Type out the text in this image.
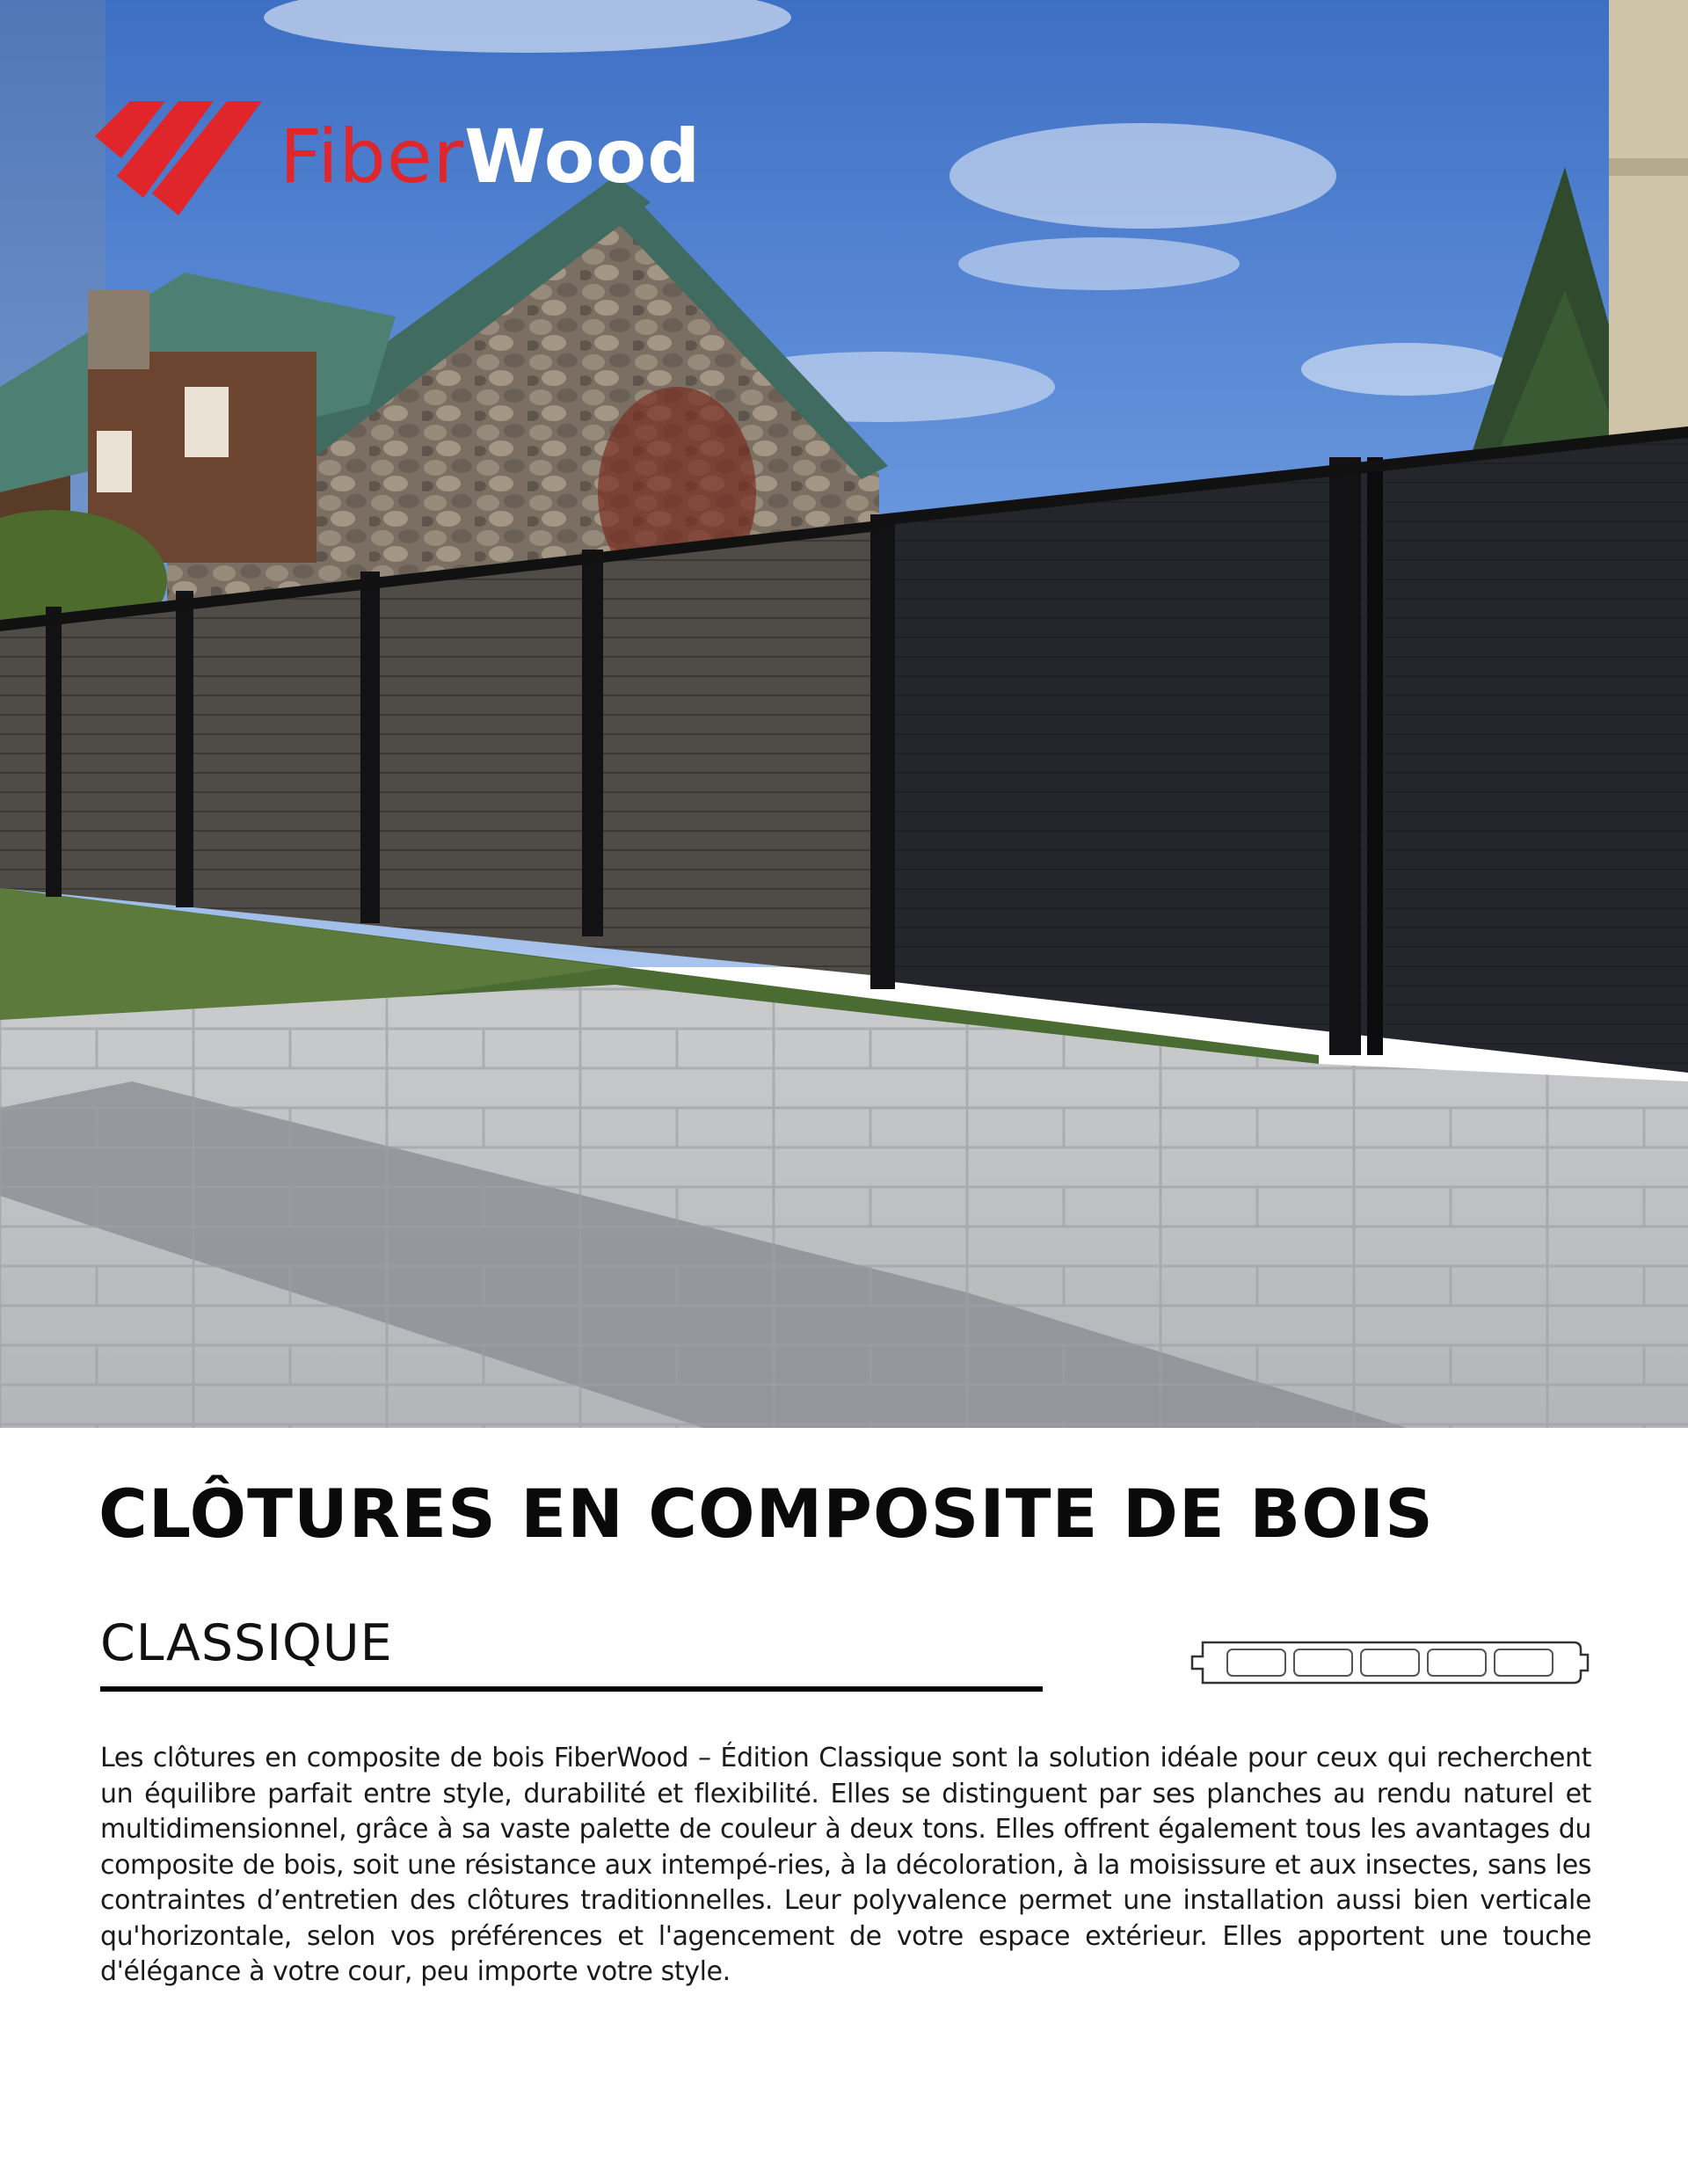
FiberWood
CLÔTURES EN COMPOSITE DE BOIS
CLASSIQUE
Les clôtures en composite de bois FiberWood – Édition Classique sont la solution idéale pour ceux qui recherchent un équilibre parfait entre style, durabilité et flexibilité. Elles se distinguent par ses planches au rendu naturel et multidimensionnel, grâce à sa vaste palette de couleur à deux tons. Elles offrent également tous les avantages du composite de bois, soit une résistance aux intempé-ries, à la décoloration, à la moisissure et aux insectes, sans les contraintes d’entretien des clôtures traditionnelles. Leur polyvalence permet une installation aussi bien verticale qu'horizontale, selon vos préférences et l'agencement de votre espace extérieur. Elles apportent une touche d'élégance à votre cour, peu importe votre style.
